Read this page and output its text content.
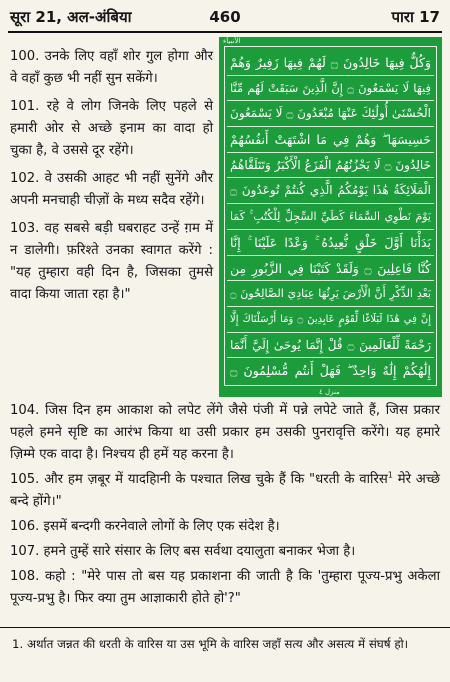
सूरा 21, अल-अंबिया	460	पारा 17

100. उनके लिए वहाँ शोर गुल होगा और वे वहाँ कुछ भी नहीं सुन सकेंगे।

101. रहे वे लोग जिनके लिए पहले से हमारी ओर से अच्छे इनाम का वादा हो चुका है, वे उससे दूर रहेंगे।

102. वे उसकी आहट भी नहीं सुनेंगे और अपनी मनचाही चीज़ों के मध्य सदैव रहेंगे।

103. वह सबसे बड़ी घबराहट उन्हें ग़म में न डालेगी। फ़रिश्ते उनका स्वागत करेंगे : "यह तुम्हारा वही दिन है, जिसका तुमसे वादा किया जाता रहा है।"

الأنبيآء
وَكُلٌّ فِيهَا خَالِدُونَ ۝ لَهُمْ فِيهَا زَفِيرٌ وَهُمْ
فِيهَا لَا يَسْمَعُونَ ۝ إِنَّ الَّذِينَ سَبَقَتْ لَهُم مِّنَّا
الْحُسْنَىٰ أُولَٰئِكَ عَنْهَا مُبْعَدُونَ ۝ لَا يَسْمَعُونَ
حَسِيسَهَا ۖ وَهُمْ فِي مَا اشْتَهَتْ أَنفُسُهُمْ
خَالِدُونَ ۝ لَا يَحْزُنُهُمُ الْفَزَعُ الْأَكْبَرُ وَتَتَلَقَّاهُمُ
الْمَلَائِكَةُ هَٰذَا يَوْمُكُمُ الَّذِي كُنتُمْ تُوعَدُونَ ۝
يَوْمَ نَطْوِي السَّمَاءَ كَطَيِّ السِّجِلِّ لِلْكُتُبِ ۚ كَمَا
بَدَأْنَا أَوَّلَ خَلْقٍ نُّعِيدُهُ ۚ وَعْدًا عَلَيْنَا ۚ إِنَّا
كُنَّا فَاعِلِينَ ۝ وَلَقَدْ كَتَبْنَا فِي الزَّبُورِ مِن
بَعْدِ الذِّكْرِ أَنَّ الْأَرْضَ يَرِثُهَا عِبَادِيَ الصَّالِحُونَ ۝
إِنَّ فِي هَٰذَا لَبَلَاغًا لِّقَوْمٍ عَابِدِينَ ۝ وَمَا أَرْسَلْنَاكَ إِلَّا
رَحْمَةً لِّلْعَالَمِينَ ۝ قُلْ إِنَّمَا يُوحَىٰ إِلَيَّ أَنَّمَا
إِلَٰهُكُمْ إِلَٰهٌ وَاحِدٌ ۖ فَهَلْ أَنتُم مُّسْلِمُونَ ۝
منزل ٤

104. जिस दिन हम आकाश को लपेट लेंगे जैसे पंजी में पन्ने लपेटे जाते हैं, जिस प्रकार पहले हमने सृष्टि का आरंभ किया था उसी प्रकार हम उसकी पुनरावृत्ति करेंगे। यह हमारे ज़िम्मे एक वादा है। निश्चय ही हमें यह करना है।

105. और हम ज़बूर में यादहिानी के पश्चात लिख चुके हैं कि "धरती के वारिस$^1$ मेरे अच्छे बन्दे होंगे।"

106. इसमें बन्दगी करनेवाले लोगों के लिए एक संदेश है।

107. हमने तुम्हें सारे संसार के लिए बस सर्वथा दयालुता बनाकर भेजा है।

108. कहो : "मेरे पास तो बस यह प्रकाशना की जाती है कि 'तुम्हारा पूज्य-प्रभु अकेला पूज्य-प्रभु है। फिर क्या तुम आज्ञाकारी होते हो'?"

1. अर्थात जन्नत की धरती के वारिस या उस भूमि के वारिस जहाँ सत्य और असत्य में संघर्ष हो।
